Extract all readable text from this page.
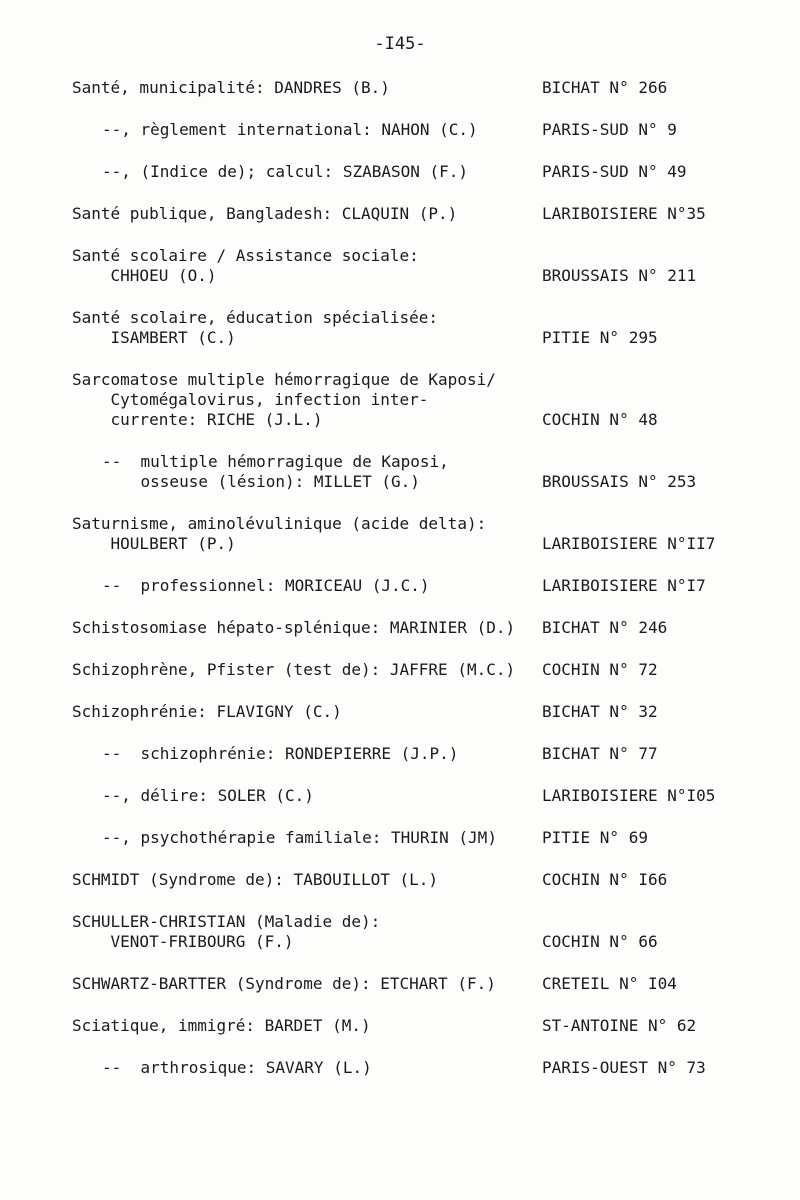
-I45-
Santé, municipalité: DANDRES (B.)	BICHAT N° 266
--, règlement international: NAHON (C.)	PARIS-SUD N° 9
--, (Indice de); calcul: SZABASON (F.)	PARIS-SUD N° 49
Santé publique, Bangladesh: CLAQUIN (P.)	LARIBOISIERE N°35
Santé scolaire / Assistance sociale:
CHHOEU (O.)	BROUSSAIS N° 211
Santé scolaire, éducation spécialisée:
ISAMBERT (C.)	PITIE N° 295
Sarcomatose multiple hémorragique de Kaposi/
Cytomégalovirus, infection inter-
currente: RICHE (J.L.)	COCHIN N° 48
--  multiple hémorragique de Kaposi,
osseuse (lésion): MILLET (G.)	BROUSSAIS N° 253
Saturnisme, aminolévulinique (acide delta):
HOULBERT (P.)	LARIBOISIERE N°II7
--  professionnel: MORICEAU (J.C.)	LARIBOISIERE N°I7
Schistosomiase hépato-splénique: MARINIER (D.) BICHAT N° 246
Schizophrène, Pfister (test de): JAFFRE (M.C.) COCHIN N° 72
Schizophrénie: FLAVIGNY (C.)	BICHAT N° 32
--  schizophrénie: RONDEPIERRE (J.P.)	BICHAT N° 77
--, délire: SOLER (C.)	LARIBOISIERE N°I05
--, psychothérapie familiale: THURIN (JM)	PITIE N° 69
SCHMIDT (Syndrome de): TABOUILLOT (L.)	COCHIN N° I66
SCHULLER-CHRISTIAN (Maladie de):
VENOT-FRIBOURG (F.)	COCHIN N° 66
SCHWARTZ-BARTTER (Syndrome de): ETCHART (F.)	CRETEIL N° I04
Sciatique, immigré: BARDET (M.)	ST-ANTOINE N° 62
--  arthrosique: SAVARY (L.)	PARIS-OUEST N° 73
